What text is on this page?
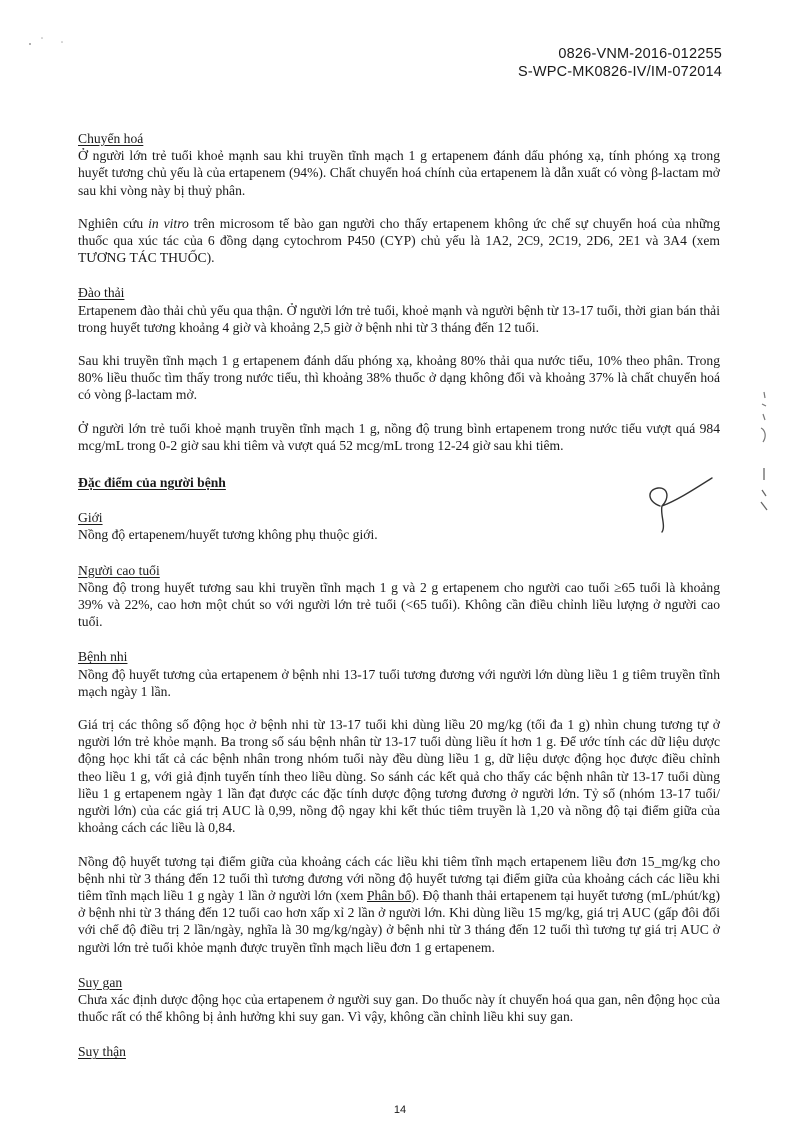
0826-VNM-2016-012255
S-WPC-MK0826-IV/IM-072014
Chuyển hoá

Ở người lớn trẻ tuổi khoẻ mạnh sau khi truyền tĩnh mạch 1 g ertapenem đánh dấu phóng xạ, tính phóng xạ trong huyết tương chủ yếu là của ertapenem (94%). Chất chuyển hoá chính của ertapenem là dẫn xuất có vòng β-lactam mở sau khi vòng này bị thuỷ phân.

Nghiên cứu in vitro trên microsom tế bào gan người cho thấy ertapenem không ức chế sự chuyển hoá của những thuốc qua xúc tác của 6 đồng dạng cytochrom P450 (CYP) chủ yếu là 1A2, 2C9, 2C19, 2D6, 2E1 và 3A4 (xem TƯƠNG TÁC THUỐC).

Đào thải

Ertapenem đào thải chủ yếu qua thận. Ở người lớn trẻ tuổi, khoẻ mạnh và người bệnh từ 13-17 tuổi, thời gian bán thải trong huyết tương khoảng 4 giờ và khoảng 2,5 giờ ở bệnh nhi từ 3 tháng đến 12 tuổi.

Sau khi truyền tĩnh mạch 1 g ertapenem đánh dấu phóng xạ, khoảng 80% thải qua nước tiểu, 10% theo phân. Trong 80% liều thuốc tìm thấy trong nước tiểu, thì khoảng 38% thuốc ở dạng không đổi và khoảng 37% là chất chuyển hoá có vòng β-lactam mở.

Ở người lớn trẻ tuổi khoẻ mạnh truyền tĩnh mạch 1 g, nồng độ trung bình ertapenem trong nước tiểu vượt quá 984 mcg/mL trong 0-2 giờ sau khi tiêm và vượt quá 52 mcg/mL trong 12-24 giờ sau khi tiêm.

Đặc điểm của người bệnh
Giới

Nồng độ ertapenem/huyết tương không phụ thuộc giới.

Người cao tuổi

Nồng độ trong huyết tương sau khi truyền tĩnh mạch 1 g và 2 g ertapenem cho người cao tuổi ≥65 tuổi là khoảng 39% và 22%, cao hơn một chút so với người lớn trẻ tuổi (<65 tuổi). Không cần điều chỉnh liều lượng ở người cao tuổi.

Bệnh nhi

Nồng độ huyết tương của ertapenem ở bệnh nhi 13-17 tuổi tương đương với người lớn dùng liều 1 g tiêm truyền tĩnh mạch ngày 1 lần.

Giá trị các thông số động học ở bệnh nhi từ 13-17 tuổi khi dùng liều 20 mg/kg (tối đa 1 g) nhìn chung tương tự ở người lớn trẻ khỏe mạnh. Ba trong số sáu bệnh nhân từ 13-17 tuổi dùng liều ít hơn 1 g. Để ước tính các dữ liệu dược động học khi tất cả các bệnh nhân trong nhóm tuổi này đều dùng liều 1 g, dữ liệu dược động học được điều chỉnh theo liều 1 g, với giả định tuyến tính theo liều dùng. So sánh các kết quả cho thấy các bệnh nhân từ 13-17 tuổi dùng liều 1 g ertapenem ngày 1 lần đạt được các đặc tính dược động tương đương ở người lớn. Tỷ số (nhóm 13-17 tuổi/ người lớn) của các giá trị AUC là 0,99, nồng độ ngay khi kết thúc tiêm truyền là 1,20 và nồng độ tại điểm giữa của khoảng cách các liều là 0,84.

Nồng độ huyết tương tại điểm giữa của khoảng cách các liều khi tiêm tĩnh mạch ertapenem liều đơn 15_mg/kg cho bệnh nhi từ 3 tháng đến 12 tuổi thì tương đương với nồng độ huyết tương tại điểm giữa của khoảng cách các liều khi tiêm tĩnh mạch liều 1 g ngày 1 lần ở người lớn (xem Phân bố). Độ thanh thải ertapenem tại huyết tương (mL/phút/kg) ở bệnh nhi từ 3 tháng đến 12 tuổi cao hơn xấp xỉ 2 lần ở người lớn. Khi dùng liều 15 mg/kg, giá trị AUC (gấp đôi đối với chế độ điều trị 2 lần/ngày, nghĩa là 30 mg/kg/ngày) ở bệnh nhi từ 3 tháng đến 12 tuổi thì tương tự giá trị AUC ở người lớn trẻ tuổi khỏe mạnh được truyền tĩnh mạch liều đơn 1 g ertapenem.

Suy gan

Chưa xác định dược động học của ertapenem ở người suy gan. Do thuốc này ít chuyển hoá qua gan, nên động học của thuốc rất có thể không bị ảnh hưởng khi suy gan. Vì vậy, không cần chỉnh liều khi suy gan.

Suy thận
14
